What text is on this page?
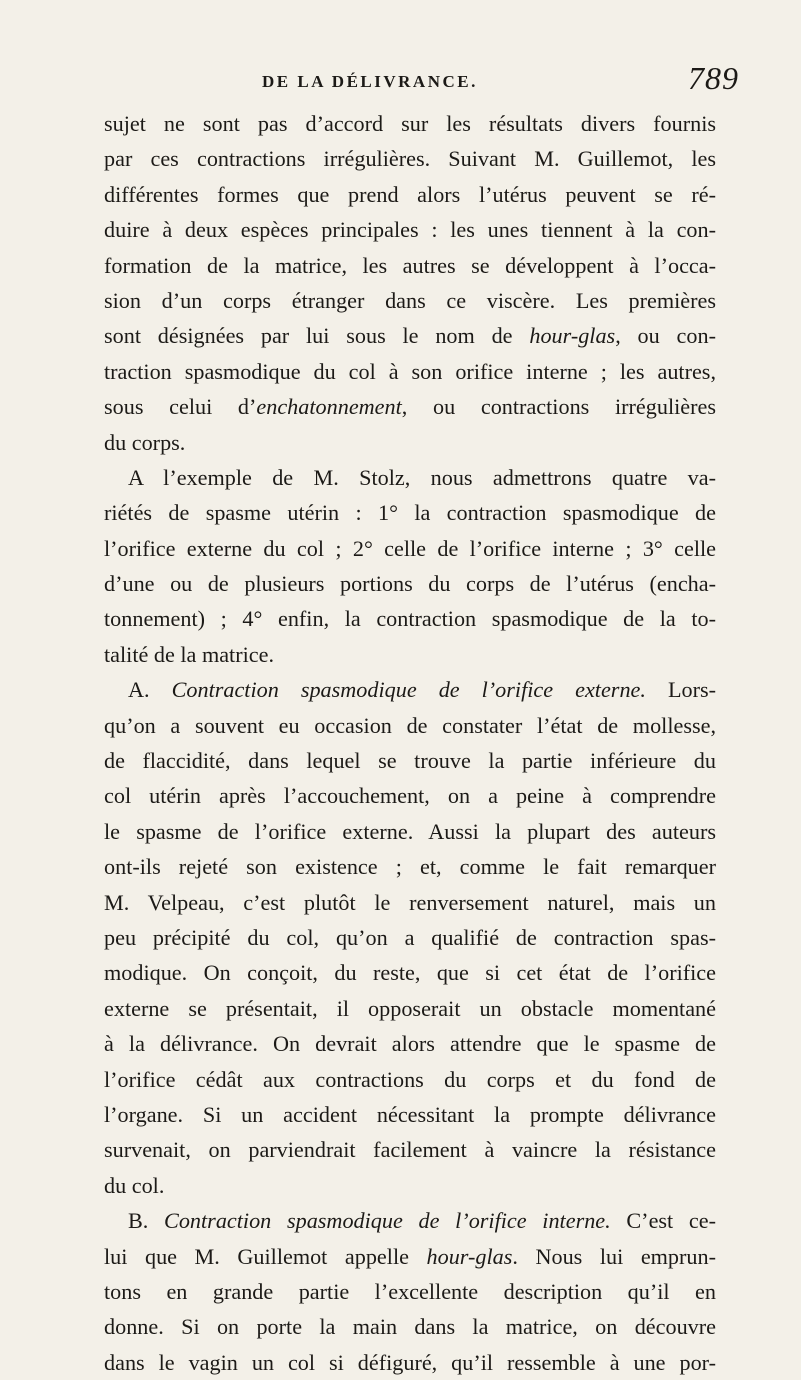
DE LA DÉLIVRANCE.	789
sujet ne sont pas d’accord sur les résultats divers fournis
par ces contractions irrégulières. Suivant M. Guillemot, les
différentes formes que prend alors l’utérus peuvent se ré-
duire à deux espèces principales : les unes tiennent à la con-
formation de la matrice, les autres se développent à l’occa-
sion d’un corps étranger dans ce viscère. Les premières
sont désignées par lui sous le nom de hour-glas, ou con-
traction spasmodique du col à son orifice interne ; les autres,
sous celui d’enchatonnement, ou contractions irrégulières
du corps.
A l’exemple de M. Stolz, nous admettrons quatre va-
riétés de spasme utérin : 1° la contraction spasmodique de
l’orifice externe du col ; 2° celle de l’orifice interne ; 3° celle
d’une ou de plusieurs portions du corps de l’utérus (encha-
tonnement) ; 4° enfin, la contraction spasmodique de la to-
talité de la matrice.
A. Contraction spasmodique de l’orifice externe. Lors-
qu’on a souvent eu occasion de constater l’état de mollesse,
de flaccidité, dans lequel se trouve la partie inférieure du
col utérin après l’accouchement, on a peine à comprendre
le spasme de l’orifice externe. Aussi la plupart des auteurs
ont-ils rejeté son existence ; et, comme le fait remarquer
M. Velpeau, c’est plutôt le renversement naturel, mais un
peu précipité du col, qu’on a qualifié de contraction spas-
modique. On conçoit, du reste, que si cet état de l’orifice
externe se présentait, il opposerait un obstacle momentané
à la délivrance. On devrait alors attendre que le spasme de
l’orifice cédât aux contractions du corps et du fond de
l’organe. Si un accident nécessitant la prompte délivrance
survenait, on parviendrait facilement à vaincre la résistance
du col.
B. Contraction spasmodique de l’orifice interne. C’est ce-
lui que M. Guillemot appelle hour-glas. Nous lui emprun-
tons en grande partie l’excellente description qu’il en
donne. Si on porte la main dans la matrice, on découvre
dans le vagin un col si défiguré, qu’il ressemble à une por-
